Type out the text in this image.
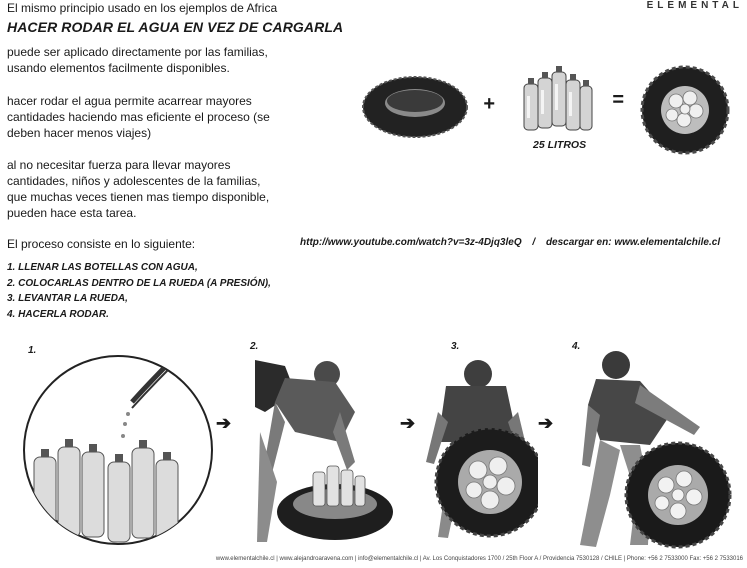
El mismo principio usado en los ejemplos de Africa
HACER RODAR EL AGUA EN VEZ DE CARGARLA
ELEMENTAL
puede ser aplicado directamente por las familias,
usando elementos facilmente disponibles.
hacer rodar el agua permite acarrear mayores
cantidades haciendo mas eficiente el proceso (se
deben hacer menos viajes)
al no necesitar fuerza para llevar mayores
cantidades, niños y adolescentes de la familias,
que muchas veces tienen mas tiempo disponible,
pueden hace esta tarea.
+	=
25 LITROS
El proceso consiste en lo siguiente:	http://www.youtube.com/watch?v=3z-4Djq3leQ / descargar en: www.elementalchile.cl
1. LLENAR LAS BOTELLAS CON AGUA,
2. COLOCARLAS DENTRO DE LA RUEDA (A PRESIÓN),
3. LEVANTAR LA RUEDA,
4. HACERLA RODAR.
1.	2.	3.	4.
➔	➔	➔
www.elementalchile.cl | www.alejandroaravena.com | info@elementalchile.cl | Av. Los Conquistadores 1700 / 25th Floor A / Providencia 7530128 / CHILE | Phone: +56 2 7533000 Fax: +56 2 7533016
